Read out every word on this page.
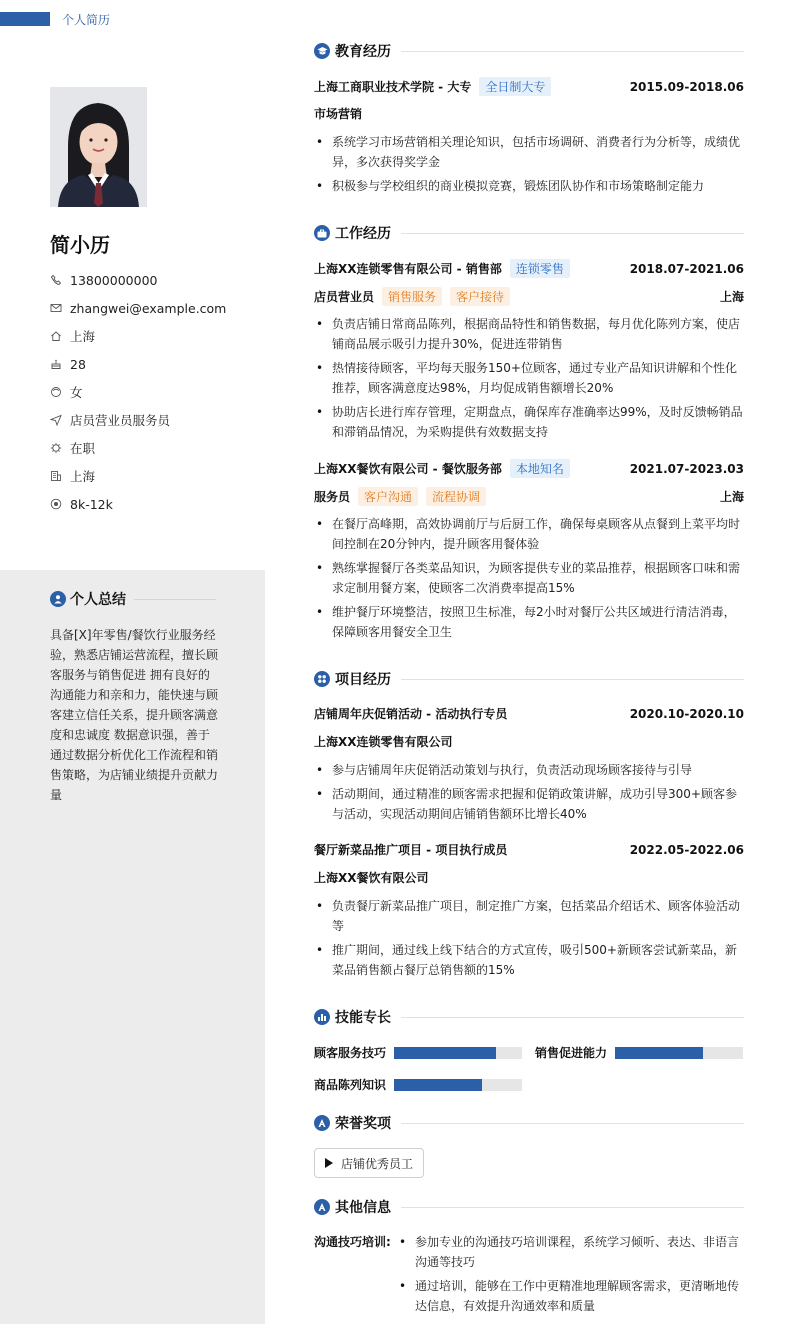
个人简历
简小历
13800000000
zhangwei@example.com
上海
28
女
店员营业员服务员
在职
上海
8k-12k
个人总结
具备[X]年零售/餐饮行业服务经验，熟悉店铺运营流程，擅长顾客服务与销售促进 拥有良好的沟通能力和亲和力，能快速与顾客建立信任关系，提升顾客满意度和忠诚度 数据意识强，善于通过数据分析优化工作流程和销售策略，为店铺业绩提升贡献力量
教育经历
上海工商职业技术学院 - 大专	全日制大专	2015.09-2018.06
市场营销
• 系统学习市场营销相关理论知识，包括市场调研、消费者行为分析等，成绩优异，多次获得奖学金
• 积极参与学校组织的商业模拟竞赛，锻炼团队协作和市场策略制定能力
工作经历
上海XX连锁零售有限公司 - 销售部	连锁零售	2018.07-2021.06
店员营业员	销售服务	客户接待	上海
• 负责店铺日常商品陈列，根据商品特性和销售数据，每月优化陈列方案，使店铺商品展示吸引力提升30%，促进连带销售
• 热情接待顾客，平均每天服务150+位顾客，通过专业产品知识讲解和个性化推荐，顾客满意度达98%，月均促成销售额增长20%
• 协助店长进行库存管理，定期盘点，确保库存准确率达99%，及时反馈畅销品和滞销品情况，为采购提供有效数据支持
上海XX餐饮有限公司 - 餐饮服务部	本地知名	2021.07-2023.03
服务员	客户沟通	流程协调	上海
• 在餐厅高峰期，高效协调前厅与后厨工作，确保每桌顾客从点餐到上菜平均时间控制在20分钟内，提升顾客用餐体验
• 熟练掌握餐厅各类菜品知识，为顾客提供专业的菜品推荐，根据顾客口味和需求定制用餐方案，使顾客二次消费率提高15%
• 维护餐厅环境整洁，按照卫生标准，每2小时对餐厅公共区域进行清洁消毒，保障顾客用餐安全卫生
项目经历
店铺周年庆促销活动 - 活动执行专员	2020.10-2020.10
上海XX连锁零售有限公司
• 参与店铺周年庆促销活动策划与执行，负责活动现场顾客接待与引导
• 活动期间，通过精准的顾客需求把握和促销政策讲解，成功引导300+顾客参与活动，实现活动期间店铺销售额环比增长40%
餐厅新菜品推广项目 - 项目执行成员	2022.05-2022.06
上海XX餐饮有限公司
• 负责餐厅新菜品推广项目，制定推广方案，包括菜品介绍话术、顾客体验活动等
• 推广期间，通过线上线下结合的方式宣传，吸引500+新顾客尝试新菜品，新菜品销售额占餐厅总销售额的15%
技能专长
顾客服务技巧	销售促进能力
商品陈列知识
荣誉奖项
店铺优秀员工
其他信息
沟通技巧培训:
•	参加专业的沟通技巧培训课程，系统学习倾听、表达、非语言沟通等技巧
• 通过培训，能够在工作中更精准地理解顾客需求，更清晰地传达信息，有效提升沟通效率和质量
